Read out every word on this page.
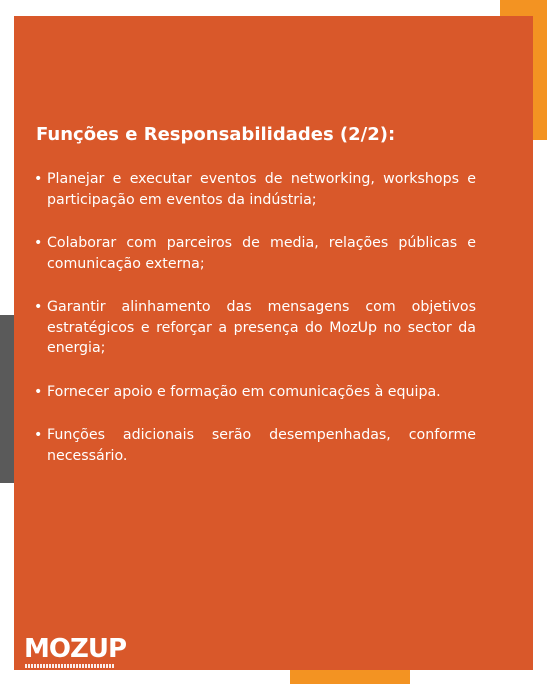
Funções e Responsabilidades (2/2):
• Planejar e executar eventos de networking, workshops e participação em eventos da indústria;
• Colaborar com parceiros de media, relações públicas e comunicação externa;
• Garantir alinhamento das mensagens com objetivos estratégicos e reforçar a presença do MozUp no sector da energia;
• Fornecer apoio e formação em comunicações à equipa.
• Funções adicionais serão desempenhadas, conforme necessário.
MOZUP
